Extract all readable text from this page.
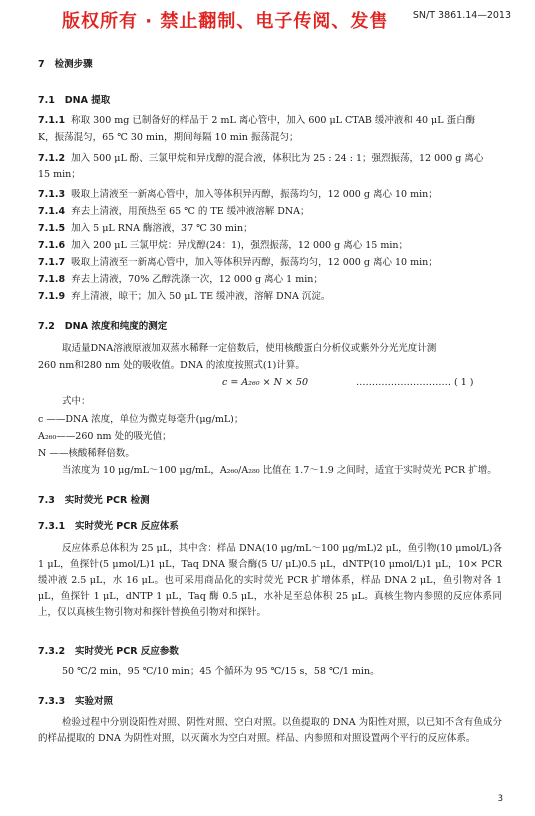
版权所有 · 禁止翻制、电子传阅、发售	SN/T 3861.14—2013
7 检测步骤
7.1 DNA 提取
7.1.1 称取 300 mg 已制备好的样品于 2 mL 离心管中，加入 600 μL CTAB 缓冲液和 40 μL 蛋白酶
K，振荡混匀，65 ℃ 30 min，期间每隔 10 min 振荡混匀；
7.1.2 加入 500 μL 酚、三氯甲烷和异戊醇的混合液，体积比为 25 : 24 : 1；强烈振荡，12 000 g 离心
15 min；
7.1.3 吸取上清液至一新离心管中，加入等体积异丙醇，振荡均匀，12 000 g 离心 10 min；
7.1.4 弃去上清液，用预热至 65 ℃ 的 TE 缓冲液溶解 DNA；
7.1.5 加入 5 μL RNA 酶溶液，37 ℃ 30 min；
7.1.6 加入 200 μL 三氯甲烷：异戊醇(24：1)，强烈振荡，12 000 g 离心 15 min；
7.1.7 吸取上清液至一新离心管中，加入等体积异丙醇，振荡均匀，12 000 g 离心 10 min；
7.1.8 弃去上清液，70% 乙醇洗涤一次，12 000 g 离心 1 min；
7.1.9 弃上清液，晾干；加入 50 μL TE 缓冲液，溶解 DNA 沉淀。
7.2 DNA 浓度和纯度的测定
取适量DNA溶液原液加双蒸水稀释一定倍数后，使用核酸蛋白分析仪或紫外分光光度计测
260 nm和280 nm 处的吸收值。DNA 的浓度按照式(1)计算。
c = A₂₆₀ × N × 50	………………………… ( 1 )
式中：
c ——DNA 浓度，单位为微克每毫升(μg/mL)；
A₂₆₀——260 nm 处的吸光值；
N ——核酸稀释倍数。
当浓度为 10 μg/mL～100 μg/mL，A₂₆₀/A₂₈₀ 比值在 1.7～1.9 之间时，适宜于实时荧光 PCR 扩增。
7.3 实时荧光 PCR 检测
7.3.1 实时荧光 PCR 反应体系
反应体系总体积为 25 μL，其中含：样品 DNA(10 μg/mL～100 μg/mL)2 μL，鱼引物(10 μmol/L)各 1 μL，鱼探针(5 μmol/L)1 μL，Taq DNA 聚合酶(5 U/ μL)0.5 μL，dNTP(10 μmol/L)1 μL，10× PCR 缓冲液 2.5 μL，水 16 μL。也可采用商品化的实时荧光 PCR 扩增体系，样品 DNA 2 μL，鱼引物对各 1 μL，鱼探针 1 μL，dNTP 1 μL，Taq 酶 0.5 μL，水补足至总体积 25 μL。真核生物内参照的反应体系同上，仅以真核生物引物对和探针替换鱼引物对和探针。
7.3.2 实时荧光 PCR 反应参数
50 ℃/2 min，95 ℃/10 min；45 个循环为 95 ℃/15 s，58 ℃/1 min。
7.3.3 实验对照
检验过程中分别设阳性对照、阴性对照、空白对照。以鱼提取的 DNA 为阳性对照，以已知不含有鱼成分的样品提取的 DNA 为阴性对照，以灭菌水为空白对照。样品、内参照和对照设置两个平行的反应体系。
3
